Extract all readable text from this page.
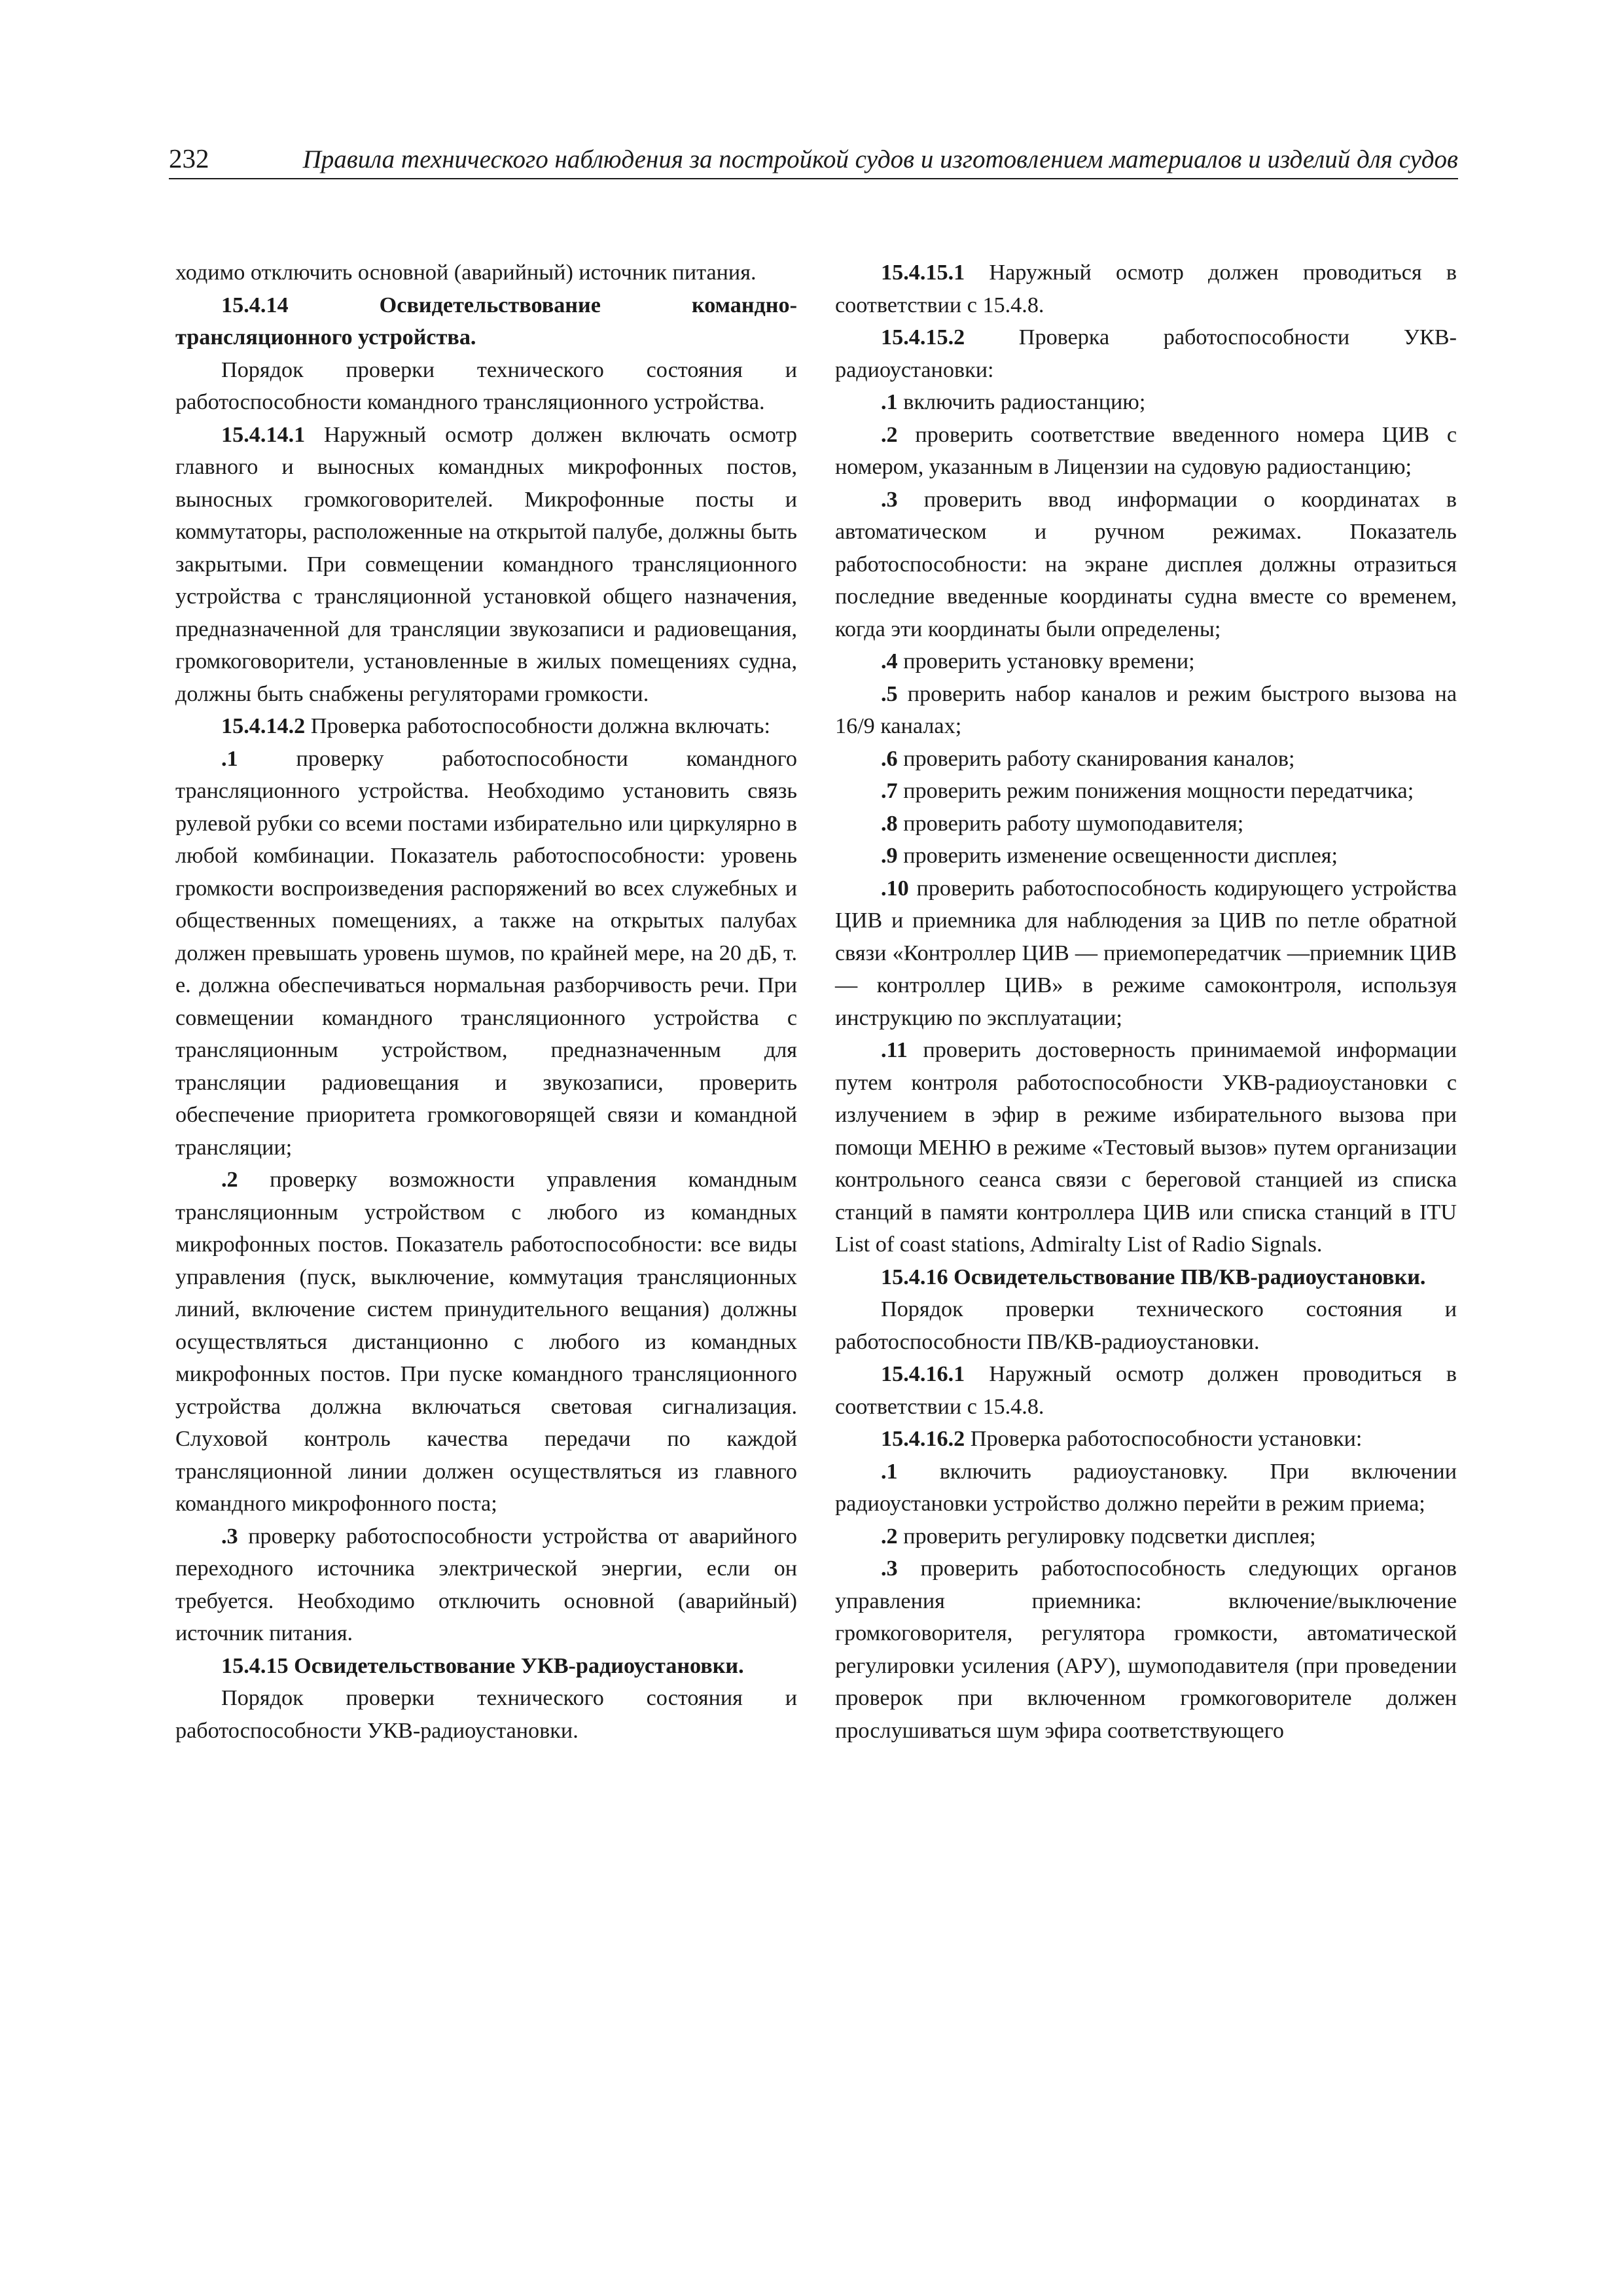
232	Правила технического наблюдения за постройкой судов и изготовлением материалов и изделий для судов

ходимо отключить основной (аварийный) источник питания.

15.4.14 Освидетельствование командно-трансляционного устройства.

Порядок проверки технического состояния и работоспособности командного трансляционного устройства.

15.4.14.1 Наружный осмотр должен включать осмотр главного и выносных командных микрофонных постов, выносных громкоговорителей. Микрофонные посты и коммутаторы, расположенные на открытой палубе, должны быть закрытыми. При совмещении командного трансляционного устройства с трансляционной установкой общего назначения, предназначенной для трансляции звукозаписи и радиовещания, громкоговорители, установленные в жилых помещениях судна, должны быть снабжены регуляторами громкости.

15.4.14.2 Проверка работоспособности должна включать:

.1 проверку работоспособности командного трансляционного устройства. Необходимо установить связь рулевой рубки со всеми постами избирательно или циркулярно в любой комбинации. Показатель работоспособности: уровень громкости воспроизведения распоряжений во всех служебных и общественных помещениях, а также на открытых палубах должен превышать уровень шумов, по крайней мере, на 20 дБ, т. е. должна обеспечиваться нормальная разборчивость речи. При совмещении командного трансляционного устройства с трансляционным устройством, предназначенным для трансляции радиовещания и звукозаписи, проверить обеспечение приоритета громкоговорящей связи и командной трансляции;

.2 проверку возможности управления командным трансляционным устройством с любого из командных микрофонных постов. Показатель работоспособности: все виды управления (пуск, выключение, коммутация трансляционных линий, включение систем принудительного вещания) должны осуществляться дистанционно с любого из командных микрофонных постов. При пуске командного трансляционного устройства должна включаться световая сигнализация. Слуховой контроль качества передачи по каждой трансляционной линии должен осуществляться из главного командного микрофонного поста;

.3 проверку работоспособности устройства от аварийного переходного источника электрической энергии, если он требуется. Необходимо отключить основной (аварийный) источник питания.

15.4.15 Освидетельствование УКВ-радиоустановки.

Порядок проверки технического состояния и работоспособности УКВ-радиоустановки.

15.4.15.1 Наружный осмотр должен проводиться в соответствии с 15.4.8.

15.4.15.2 Проверка работоспособности УКВ-радиоустановки:

.1 включить радиостанцию;

.2 проверить соответствие введенного номера ЦИВ с номером, указанным в Лицензии на судовую радиостанцию;

.3 проверить ввод информации о координатах в автоматическом и ручном режимах. Показатель работоспособности: на экране дисплея должны отразиться последние введенные координаты судна вместе со временем, когда эти координаты были определены;

.4 проверить установку времени;

.5 проверить набор каналов и режим быстрого вызова на 16/9 каналах;

.6 проверить работу сканирования каналов;

.7 проверить режим понижения мощности передатчика;

.8 проверить работу шумоподавителя;

.9 проверить изменение освещенности дисплея;

.10 проверить работоспособность кодирующего устройства ЦИВ и приемника для наблюдения за ЦИВ по петле обратной связи «Контроллер ЦИВ — приемопередатчик —приемник ЦИВ — контроллер ЦИВ» в режиме самоконтроля, используя инструкцию по эксплуатации;

.11 проверить достоверность принимаемой информации путем контроля работоспособности УКВ-радиоустановки с излучением в эфир в режиме избирательного вызова при помощи МЕНЮ в режиме «Тестовый вызов» путем организации контрольного сеанса связи с береговой станцией из списка станций в памяти контроллера ЦИВ или списка станций в ITU List of coast stations, Admiralty List of Radio Signals.

15.4.16 Освидетельствование ПВ/КВ-радиоустановки.

Порядок проверки технического состояния и работоспособности ПВ/КВ-радиоустановки.

15.4.16.1 Наружный осмотр должен проводиться в соответствии с 15.4.8.

15.4.16.2 Проверка работоспособности установки:

.1 включить радиоустановку. При включении радиоустановки устройство должно перейти в режим приема;

.2 проверить регулировку подсветки дисплея;

.3 проверить работоспособность следующих органов управления приемника: включение/выключение громкоговорителя, регулятора громкости, автоматической регулировки усиления (АРУ), шумоподавителя (при проведении проверок при включенном громкоговорителе должен прослушиваться шум эфира соответствующего
